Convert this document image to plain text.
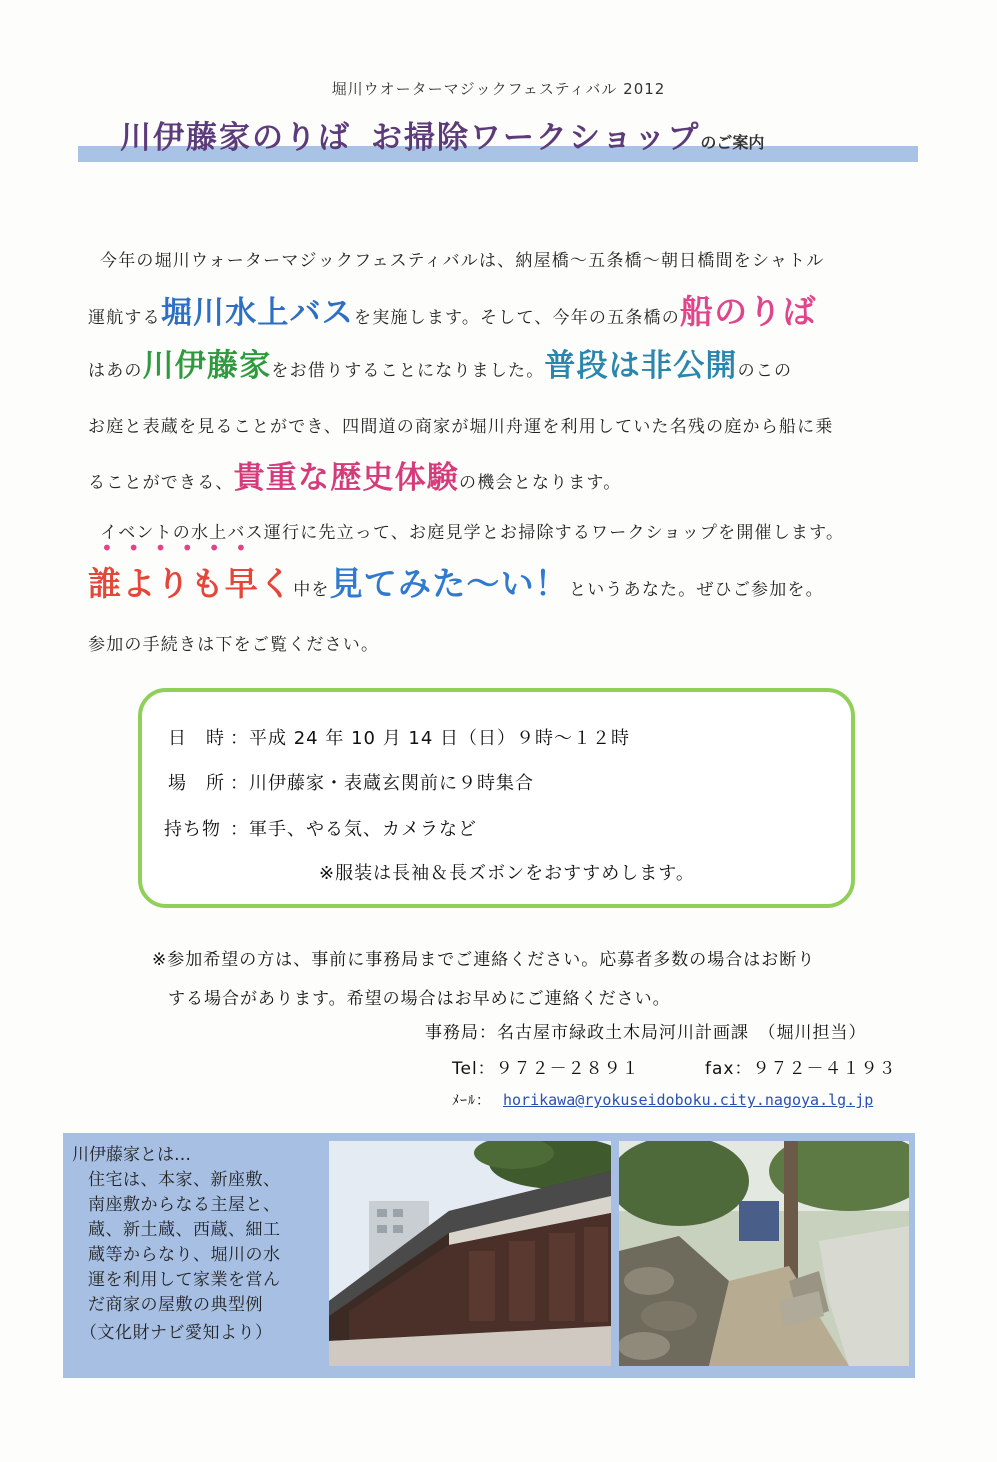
堀川ウオーターマジックフェスティバル 2012
川伊藤家のりば お掃除ワークショップのご案内
今年の堀川ウォーターマジックフェスティバルは、納屋橋～五条橋～朝日橋間をシャトル
運航する堀川水上バスを実施します。そして、今年の五条橋の船のりば
はあの川伊藤家をお借りすることになりました。普段は非公開のこの
お庭と表蔵を見ることができ、四間道の商家が堀川舟運を利用していた名残の庭から船に乗
ることができる、貴重な歴史体験の機会となります。
イベントの水上バス運行に先立って、お庭見学とお掃除するワークショップを開催します。
••••••
誰よりも早く中を見てみた～い！というあなた。ぜひご参加を。
参加の手続きは下をご覧ください。
日　時 ：平成 24 年 10 月 14 日（日）９時～１２時
場　所 ：川伊藤家・表蔵玄関前に９時集合
持ち物 ：軍手、やる気、カメラなど
※服装は長袖＆長ズボンをおすすめします。
※参加希望の方は、事前に事務局までご連絡ください。応募者多数の場合はお断り
する場合があります。希望の場合はお早めにご連絡ください。
事務局：名古屋市緑政土木局河川計画課　（堀川担当）
Tel：９７２－２８９１	fax：９７２－４１９３
ﾒｰﾙ： horikawa@ryokuseidoboku.city.nagoya.lg.jp
川伊藤家とは…
住宅は、本家、新座敷、
南座敷からなる主屋と、
蔵、新土蔵、西蔵、細工
蔵等からなり、堀川の水
運を利用して家業を営ん
だ商家の屋敷の典型例
（文化財ナビ愛知より）
